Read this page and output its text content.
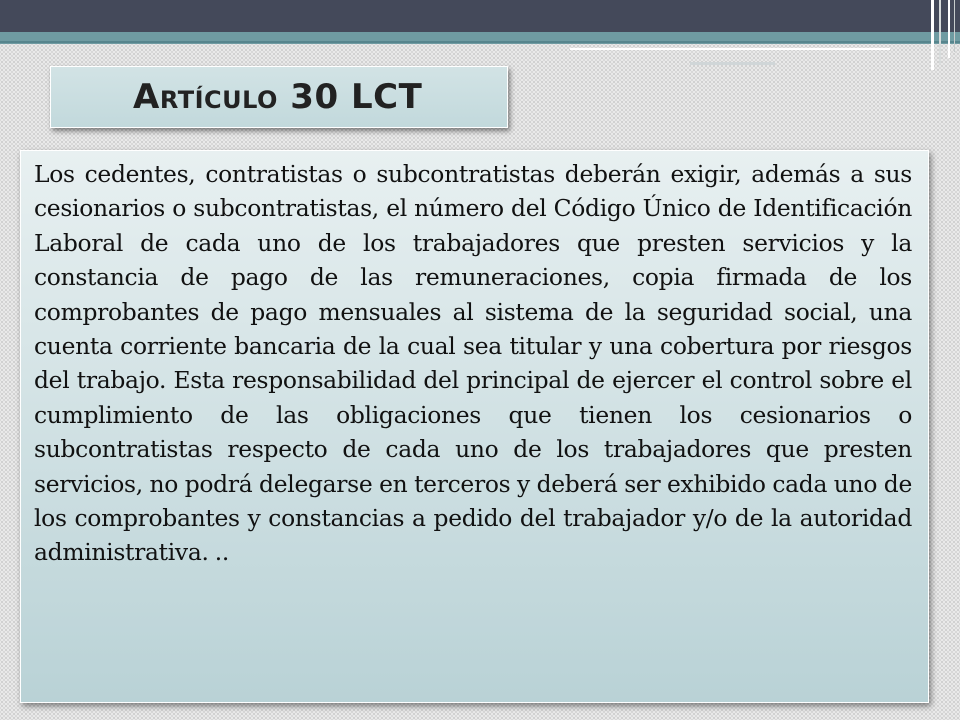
Artículo 30 LCT

Los cedentes, contratistas o subcontratistas deberán exigir, además a sus cesionarios o subcontratistas, el número del Código Único de Identificación Laboral de cada uno de los trabajadores que presten servicios y la constancia de pago de las remuneraciones, copia firmada de los comprobantes de pago mensuales al sistema de la seguridad social, una cuenta corriente bancaria de la cual sea titular y una cobertura por riesgos del trabajo. Esta responsabilidad del principal de ejercer el control sobre el cumplimiento de las obligaciones que tienen los cesionarios o subcontratistas respecto de cada uno de los trabajadores que presten servicios, no podrá delegarse en terceros y deberá ser exhibido cada uno de los comprobantes y constancias a pedido del trabajador y/o de la autoridad administrativa. ..
